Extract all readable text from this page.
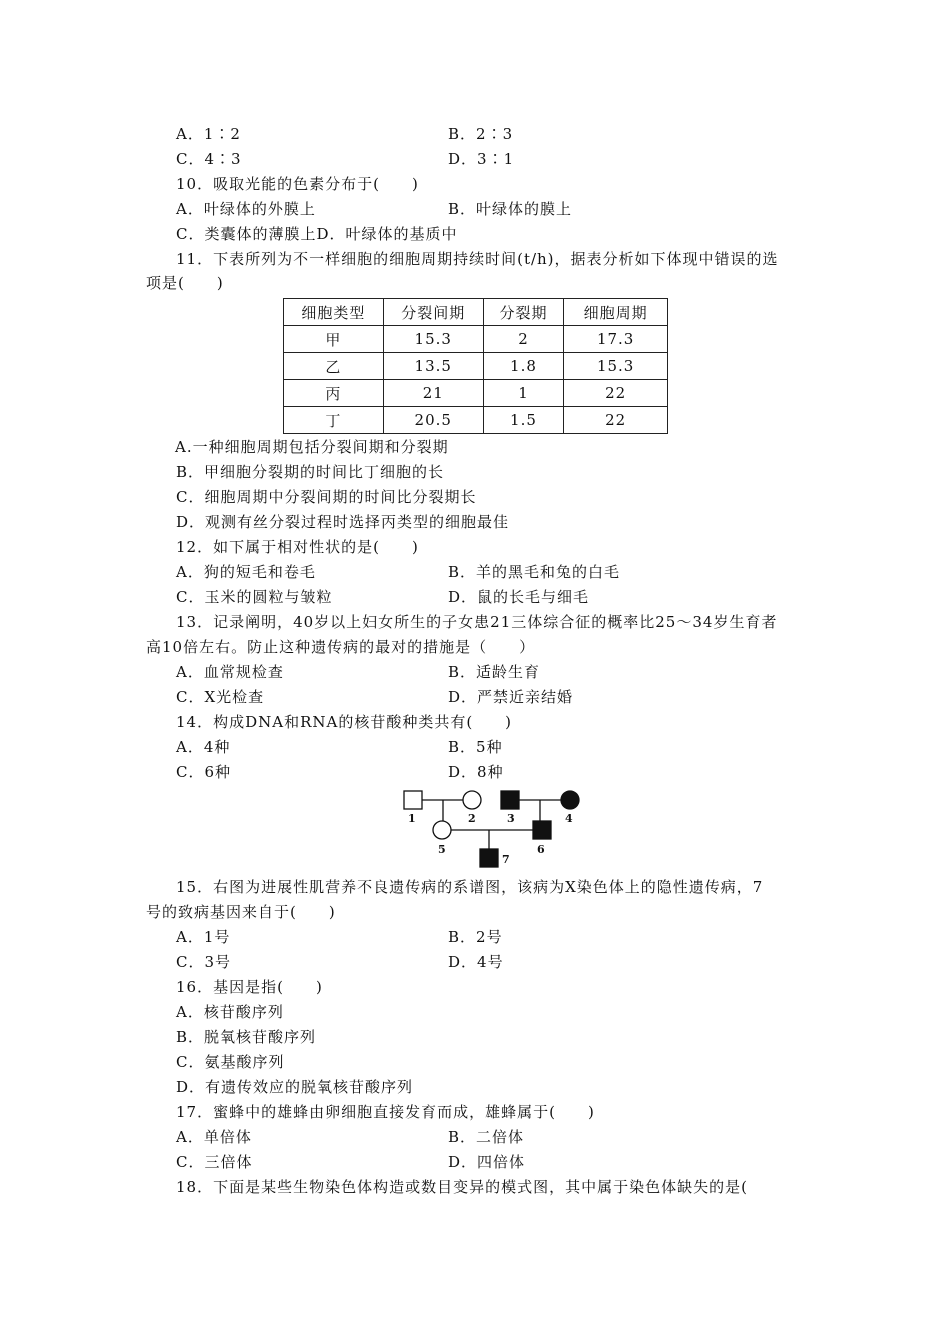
A．1∶2	B．2∶3
C．4∶3	D．3∶1
10．吸取光能的色素分布于(　　)
A．叶绿体的外膜上	B．叶绿体的膜上
C．类囊体的薄膜上D．叶绿体的基质中
11．下表所列为不一样细胞的细胞周期持续时间(t/h)，据表分析如下体现中错误的选
项是(　　)
细胞类型	分裂间期	分裂期	细胞周期
甲	15.3	2	17.3
乙	13.5	1.8	15.3
丙	21	1	22
丁	20.5	1.5	22
A.一种细胞周期包括分裂间期和分裂期
B．甲细胞分裂期的时间比丁细胞的长
C．细胞周期中分裂间期的时间比分裂期长
D．观测有丝分裂过程时选择丙类型的细胞最佳
12．如下属于相对性状的是(　　)
A．狗的短毛和卷毛	B．羊的黑毛和兔的白毛
C．玉米的圆粒与皱粒	D．鼠的长毛与细毛
13．记录阐明，40岁以上妇女所生的子女患21三体综合征的概率比25～34岁生育者
高10倍左右。防止这种遗传病的最对的措施是（　　）
A．血常规检查	B．适龄生育
C．X光检查	D．严禁近亲结婚
14．构成DNA和RNA的核苷酸种类共有(　　)
A．4种	B．5种
C．6种	D．8种
1	2	3	4
5	6
7
15．右图为进展性肌营养不良遗传病的系谱图，该病为X染色体上的隐性遗传病，7
号的致病基因来自于(　　)
A．1号	B．2号
C．3号	D．4号
16．基因是指(　　)
A．核苷酸序列
B．脱氧核苷酸序列
C．氨基酸序列
D．有遗传效应的脱氧核苷酸序列
17．蜜蜂中的雄蜂由卵细胞直接发育而成，雄蜂属于(　　)
A．单倍体	B．二倍体
C．三倍体	D．四倍体
18．下面是某些生物染色体构造或数目变异的模式图，其中属于染色体缺失的是(
